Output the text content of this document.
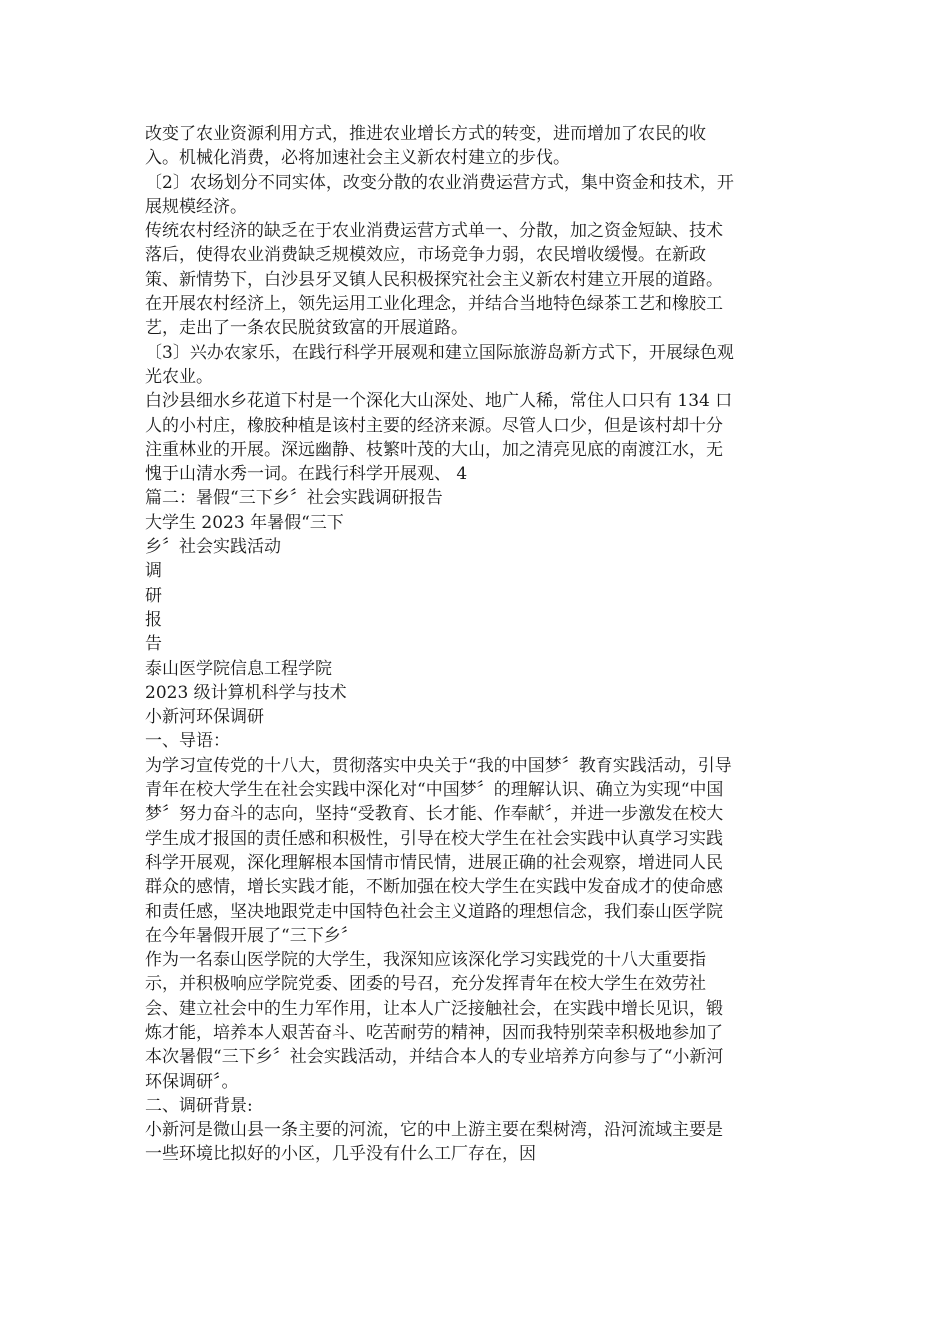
改变了农业资源利用方式，推进农业增长方式的转变，进而增加了农民的收
入。机械化消费，必将加速社会主义新农村建立的步伐。
〔2〕农场划分不同实体，改变分散的农业消费运营方式，集中资金和技术，开
展规模经济。
传统农村经济的缺乏在于农业消费运营方式单一、分散，加之资金短缺、技术
落后，使得农业消费缺乏规模效应，市场竞争力弱，农民增收缓慢。在新政
策、新情势下，白沙县牙叉镇人民积极探究社会主义新农村建立开展的道路。
在开展农村经济上，领先运用工业化理念，并结合当地特色绿茶工艺和橡胶工
艺，走出了一条农民脱贫致富的开展道路。
〔3〕兴办农家乐，在践行科学开展观和建立国际旅游岛新方式下，开展绿色观
光农业。
白沙县细水乡花道下村是一个深化大山深处、地广人稀，常住人口只有 134 口
人的小村庄，橡胶种植是该村主要的经济来源。尽管人口少，但是该村却十分
注重林业的开展。深远幽静、枝繁叶茂的大山，加之清亮见底的南渡江水，无
愧于山清水秀一词。在践行科学开展观、 4
篇二：暑假“三下乡〞社会实践调研报告
大学生 2023 年暑假“三下
乡〞社会实践活动
调
研
报
告
泰山医学院信息工程学院
2023 级计算机科学与技术
小新河环保调研
一、导语：
为学习宣传党的十八大，贯彻落实中央关于“我的中国梦〞教育实践活动，引导
青年在校大学生在社会实践中深化对“中国梦〞的理解认识、确立为实现“中国
梦〞努力奋斗的志向，坚持“受教育、长才能、作奉献〞，并进一步激发在校大
学生成才报国的责任感和积极性，引导在校大学生在社会实践中认真学习实践
科学开展观，深化理解根本国情市情民情，进展正确的社会观察，增进同人民
群众的感情，增长实践才能，不断加强在校大学生在实践中发奋成才的使命感
和责任感，坚决地跟党走中国特色社会主义道路的理想信念，我们泰山医学院
在今年暑假开展了“三下乡〞
作为一名泰山医学院的大学生，我深知应该深化学习实践党的十八大重要指
示，并积极响应学院党委、团委的号召，充分发挥青年在校大学生在效劳社
会、建立社会中的生力军作用，让本人广泛接触社会，在实践中增长见识，锻
炼才能，培养本人艰苦奋斗、吃苦耐劳的精神，因而我特别荣幸积极地参加了
本次暑假“三下乡〞社会实践活动，并结合本人的专业培养方向参与了“小新河
环保调研〞。
二、调研背景:
小新河是微山县一条主要的河流，它的中上游主要在梨树湾，沿河流域主要是
一些环境比拟好的小区，几乎没有什么工厂存在，因
